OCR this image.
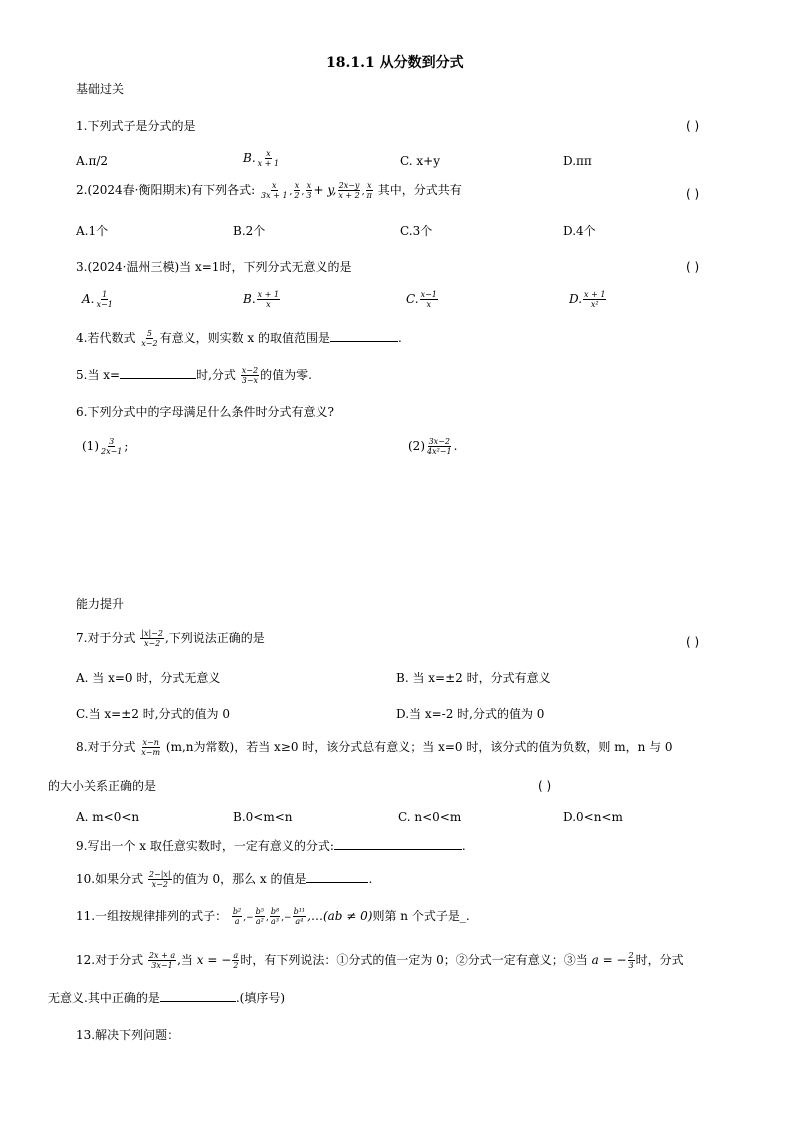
18.1.1 从分数到分式
基础过关
1.下列式子是分式的是	( )
A.π/2	B. $\frac{x}{x + 1}$	C. x+y	D.ππ
2.(2024春·衡阳期末)有下列各式: $\frac{x}{3x + 1}$ , $\frac{x}{2}$ , $\frac{x}{3} + y$, $\frac{2x-y}{x + 2}$ , $\frac{x}{\pi}$ 其中，分式共有	( )
A.1个	B.2个	C.3个	D.4个
3.(2024·温州三模)当 x=1时，下列分式无意义的是	( )
A. $\frac{1}{x-1}$	B. $\frac{x + 1}{x}$	C. $\frac{x-1}{x}$	D. $\frac{x + 1}{\text{x²}}$
4.若代数式 $\frac{5}{x-2}$ 有意义，则实数 x 的取值范围是	.
5.当 x=	时,分式 $\frac{x-2}{3-x}$ 的值为零.
6.下列分式中的字母满足什么条件时分式有意义?
$(1) \frac{3}{2x-1}$ ;	$(2) \frac{3x-2}{\text{4x²−1}}$ .
能力提升
7.对于分式 $\frac{|x|-2}{x-2}$ ,下列说法正确的是	( )
A. 当 x=0 时，分式无意义	B. 当 x=±2 时，分式有意义
C.当 x=±2 时,分式的值为 0	D.当 x=-2 时,分式的值为 0
8.对于分式 $\frac{x-n}{x-m} (m,n$为常数)，若当 x≥0 时，该分式总有意义；当 x=0 时，该分式的值为负数，则 m，n 与 0
的大小关系正确的是	( )
A. m<0<n	B.0<m<n	C. n<0<m	D.0<n<m
9.写出一个 x 取任意实数时，一定有意义的分式:	.
10.如果分式 $\frac{2-|x|}{x-2}$ 的值为 0，那么 x 的值是	.
11.一组按规律排列的式子： $\frac{\text{b²}}{a}$ ,− $\frac{\text{b⁵}}{\text{a²}}$ , $\frac{\text{b⁸}}{\text{a³}}$ ,− $\frac{\text{b¹¹}}{\text{a⁴}}$ ,…(ab ≠ 0)则第 n 个式子是_.
12.对于分式 $\frac{2x + a}{3x-1}$ ,当 x = − $\frac{a}{2}$ 时，有下列说法：①分式的值一定为 0；②分式一定有意义；③当 a = − $\frac{2}{3}$ 时，分式
无意义.其中正确的是	.(填序号)
13.解决下列问题：
